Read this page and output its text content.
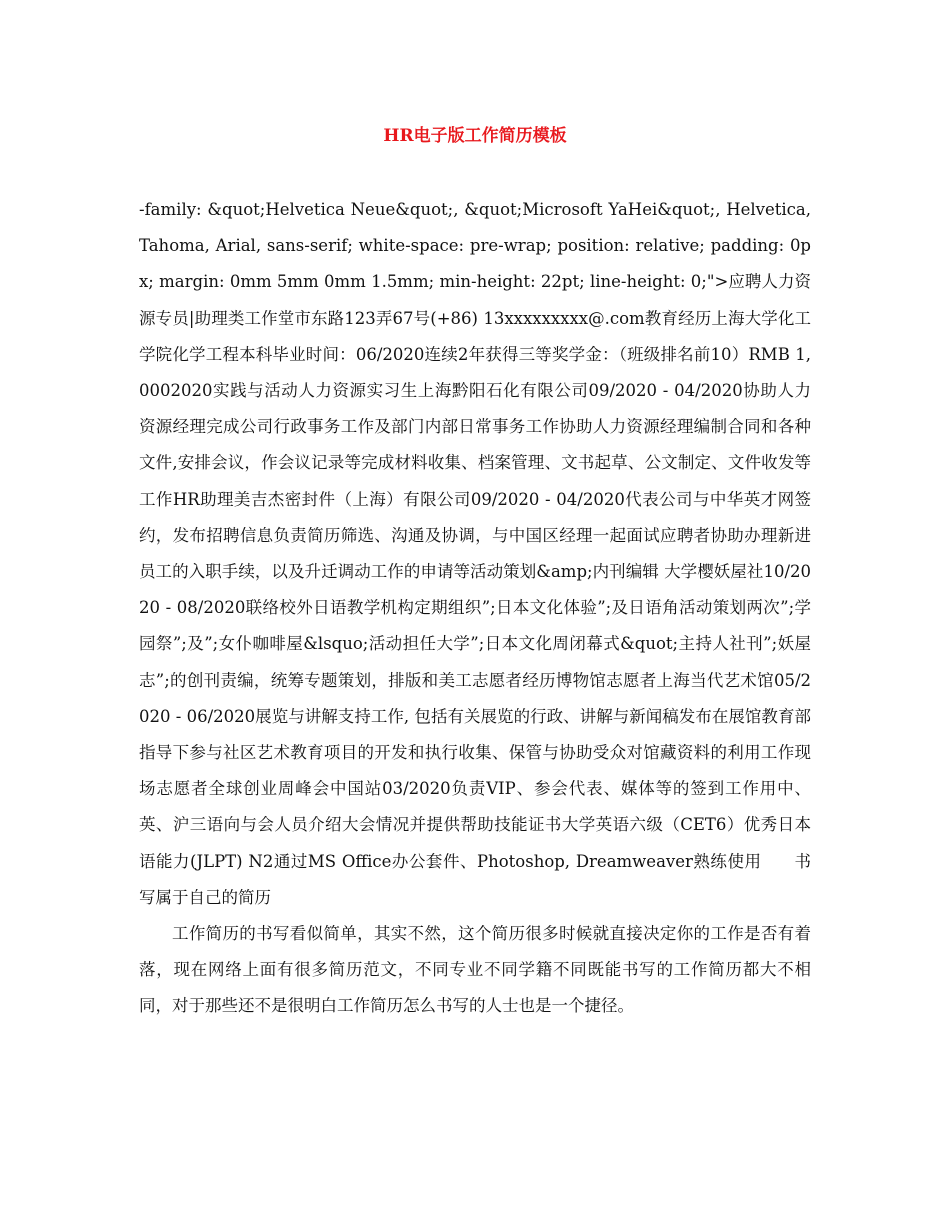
HR电子版工作简历模板

-family: &quot;Helvetica Neue&quot;, &quot;Microsoft YaHei&quot;, Helvetica, Tahoma, Arial, sans-serif; white-space: pre-wrap; position: relative; padding: 0px; margin: 0mm 5mm 0mm 1.5mm; min-height: 22pt; line-height: 0;">应聘人力资源专员|助理类工作堂市东路123弄67号(+86) 13xxxxxxxxx@.com教育经历上海大学化工学院化学工程本科毕业时间：06/2020连续2年获得三等奖学金：（班级排名前10）RMB 1,0002020实践与活动人力资源实习生上海黔阳石化有限公司09/2020 - 04/2020协助人力资源经理完成公司行政事务工作及部门内部日常事务工作协助人力资源经理编制合同和各种文件,安排会议，作会议记录等完成材料收集、档案管理、文书起草、公文制定、文件收发等工作HR助理美吉杰密封件（上海）有限公司09/2020 - 04/2020代表公司与中华英才网签约，发布招聘信息负责简历筛选、沟通及协调，与中国区经理一起面试应聘者协助办理新进员工的入职手续，以及升迁调动工作的申请等活动策划&amp;内刊编辑 大学樱妖屋社10/2020 - 08/2020联络校外日语教学机构定期组织”;日本文化体验”;及日语角活动策划两次”;学园祭”;及”;女仆咖啡屋&lsquo;活动担任大学”;日本文化周闭幕式&quot;主持人社刊”;妖屋志”;的创刊责编，统筹专题策划，排版和美工志愿者经历博物馆志愿者上海当代艺术馆05/2020 - 06/2020展览与讲解支持工作, 包括有关展览的行政、讲解与新闻稿发布在展馆教育部指导下参与社区艺术教育项目的开发和执行收集、保管与协助受众对馆藏资料的利用工作现场志愿者全球创业周峰会中国站03/2020负责VIP、参会代表、媒体等的签到工作用中、英、沪三语向与会人员介绍大会情况并提供帮助技能证书大学英语六级（CET6）优秀日本语能力(JLPT) N2通过MS Office办公套件、Photoshop, Dreamweaver熟练使用 书写属于自己的简历

工作简历的书写看似简单，其实不然，这个简历很多时候就直接决定你的工作是否有着落，现在网络上面有很多简历范文，不同专业不同学籍不同既能书写的工作简历都大不相同，对于那些还不是很明白工作简历怎么书写的人士也是一个捷径。
